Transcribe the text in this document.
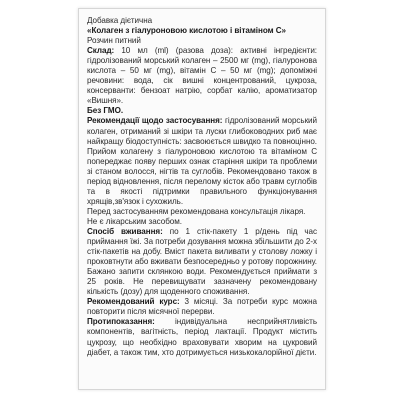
Добавка дієтична
«Колаген з гіалуроновою кислотою і вітаміном С»
Розчин питний

Склад: 10 мл (ml) (разова доза): активні інгредієнти: гідролізований морський колаген – 2500 мг (mg), гіалуронова кислота – 50 мг (mg), вітамін С – 50 мг (mg); допоміжні речовини: вода, сік вишні концентрований, цукроза, консерванти: бензоат натрію, сорбат калію, ароматизатор «Вишня».

Без ГМО.

Рекомендації щодо застосування: гідролізований морський колаген, отриманий зі шкіри та луски глибоководних риб має найкращу біодоступність: засвоюється швидко та повноцінно. Прийом колагену з гіалуроновою кислотою та вітаміном С попереджає появу перших ознак старіння шкіри та проблеми зі станом волосся, нігтів та суглобів. Рекомендовано також в період відновлення, після перелому кісток або травм суглобів та в якості підтримки правильного функціонування хрящів,зв'язок і сухожиль.

Перед застосуванням рекомендована консультація лікаря.

Не є лікарським засобом.

Спосіб вживання: по 1 стік-пакету 1 р/день під час приймання їжі. За потреби дозування можна збільшити до 2-х стік-пакетів на добу. Вміст пакета виливати у столову ложку і проковтнути або вживати безпосередньо у ротову порожнину. Бажано запити склянкою води. Рекомендується приймати з 25 років. Не перевищувати зазначену рекомендовану кількість (дозу) для щоденного споживання.

Рекомендований курс: 3 місяці. За потреби курс можна повторити після місячної перерви.

Протипоказання: індивідуальна несприйнятливість компонентів, вагітність, період лактації. Продукт містить цукрозу, що необхідно враховувати хворим на цукровий діабет, а також тим, хто дотримується низькокалорійної дієти.
